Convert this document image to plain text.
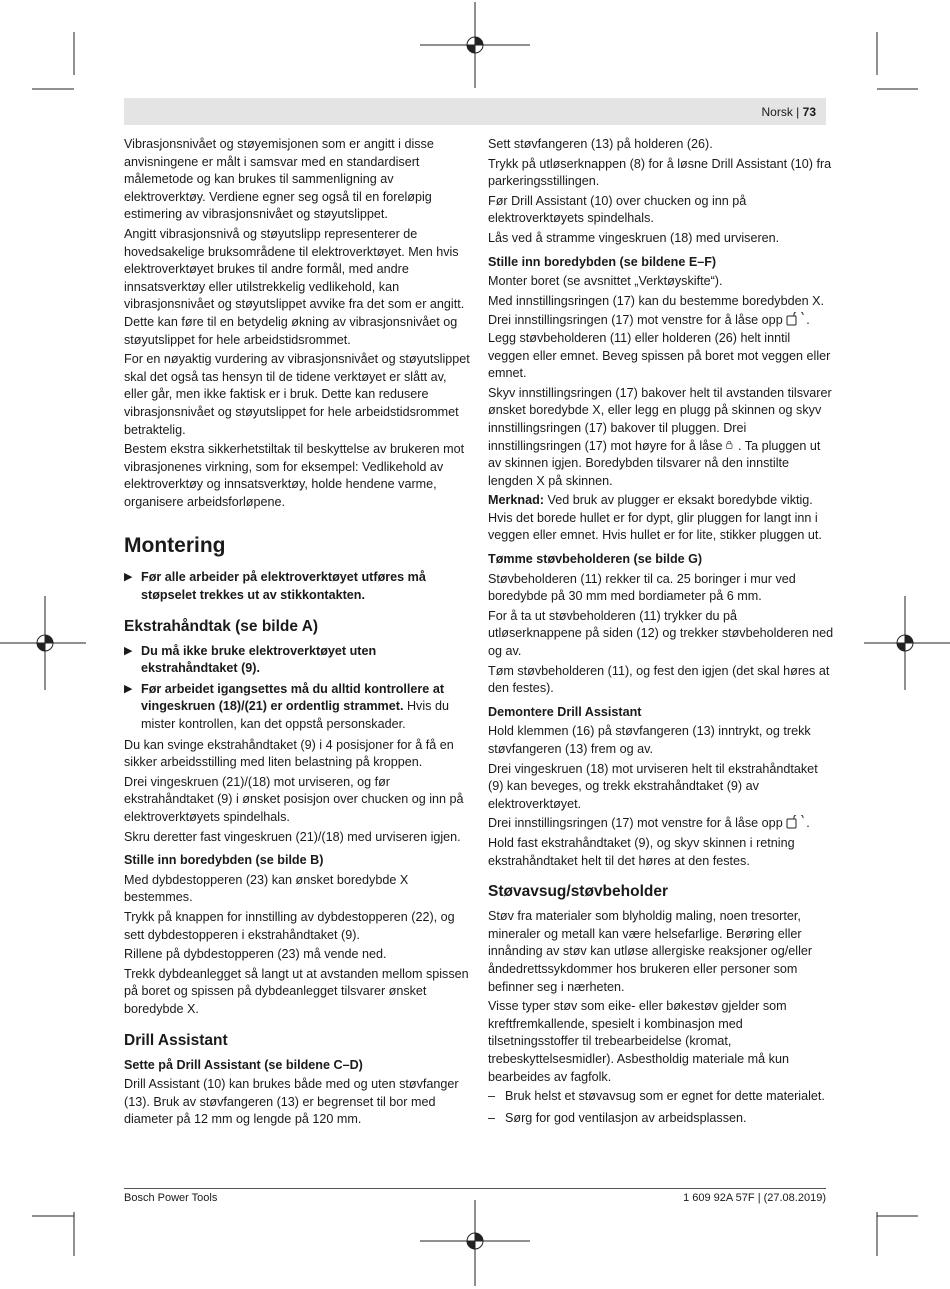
Norsk | 73

Vibrasjonsnivået og støyemisjonen som er angitt i disse anvisningene er målt i samsvar med en standardisert målemetode og kan brukes til sammenligning av elektroverktøy. Verdiene egner seg også til en foreløpig estimering av vibrasjonsnivået og støyutslippet.

Angitt vibrasjonsnivå og støyutslipp representerer de hovedsakelige bruksområdene til elektroverktøyet. Men hvis elektroverktøyet brukes til andre formål, med andre innsatsverktøy eller utilstrekkelig vedlikehold, kan vibrasjonsnivået og støyutslippet avvike fra det som er angitt. Dette kan føre til en betydelig økning av vibrasjonsnivået og støyutslippet for hele arbeidstidsrommet.

For en nøyaktig vurdering av vibrasjonsnivået og støyutslippet skal det også tas hensyn til de tidene verktøyet er slått av, eller går, men ikke faktisk er i bruk. Dette kan redusere vibrasjonsnivået og støyutslippet for hele arbeidstidsrommet betraktelig.

Bestem ekstra sikkerhetstiltak til beskyttelse av brukeren mot vibrasjonenes virkning, som for eksempel: Vedlikehold av elektroverktøy og innsatsverktøy, holde hendene varme, organisere arbeidsforløpene.

Montering
▶ Før alle arbeider på elektroverktøyet utføres må støpselet trekkes ut av stikkontakten.
Ekstrahåndtak (se bilde A)
▶ Du må ikke bruke elektroverktøyet uten ekstrahåndtaket (9).
▶ Før arbeidet igangsettes må du alltid kontrollere at vingeskruen (18)/(21) er ordentlig strammet. Hvis du mister kontrollen, kan det oppstå personskader.

Du kan svinge ekstrahåndtaket (9) i 4 posisjoner for å få en sikker arbeidsstilling med liten belastning på kroppen.

Drei vingeskruen (21)/(18) mot urviseren, og før ekstrahåndtaket (9) i ønsket posisjon over chucken og inn på elektroverktøyets spindelhals.

Skru deretter fast vingeskruen (21)/(18) med urviseren igjen.

Stille inn boredybden (se bilde B)

Med dybdestopperen (23) kan ønsket boredybde X bestemmes.

Trykk på knappen for innstilling av dybdestopperen (22), og sett dybdestopperen i ekstrahåndtaket (9).

Rillene på dybdestopperen (23) må vende ned.

Trekk dybdeanlegget så langt ut at avstanden mellom spissen på boret og spissen på dybdeanlegget tilsvarer ønsket boredybde X.

Drill Assistant
Sette på Drill Assistant (se bildene C–D)

Drill Assistant (10) kan brukes både med og uten støvfanger (13). Bruk av støvfangeren (13) er begrenset til bor med diameter på 12 mm og lengde på 120 mm.

Sett støvfangeren (13) på holderen (26).

Trykk på utløserknappen (8) for å løsne Drill Assistant (10) fra parkeringsstillingen.

Før Drill Assistant (10) over chucken og inn på elektroverktøyets spindelhals.

Lås ved å stramme vingeskruen (18) med urviseren.

Stille inn boredybden (se bildene E–F)

Monter boret (se avsnittet „Verktøyskifte“).

Med innstillingsringen (17) kan du bestemme boredybden X.

Drei innstillingsringen (17) mot venstre for å låse opp . Legg støvbeholderen (11) eller holderen (26) helt inntil veggen eller emnet. Beveg spissen på boret mot veggen eller emnet.

Skyv innstillingsringen (17) bakover helt til avstanden tilsvarer ønsket boredybde X, eller legg en plugg på skinnen og skyv innstillingsringen (17) bakover til pluggen. Drei innstillingsringen (17) mot høyre for å låse . Ta pluggen ut av skinnen igjen. Boredybden tilsvarer nå den innstilte lengden X på skinnen.

Merknad: Ved bruk av plugger er eksakt boredybde viktig. Hvis det borede hullet er for dypt, glir pluggen for langt inn i veggen eller emnet. Hvis hullet er for lite, stikker pluggen ut.

Tømme støvbeholderen (se bilde G)

Støvbeholderen (11) rekker til ca. 25 boringer i mur ved boredybde på 30 mm med bordiameter på 6 mm.

For å ta ut støvbeholderen (11) trykker du på utløserknappene på siden (12) og trekker støvbeholderen ned og av.

Tøm støvbeholderen (11), og fest den igjen (det skal høres at den festes).

Demontere Drill Assistant

Hold klemmen (16) på støvfangeren (13) inntrykt, og trekk støvfangeren (13) frem og av.

Drei vingeskruen (18) mot urviseren helt til ekstrahåndtaket (9) kan beveges, og trekk ekstrahåndtaket (9) av elektroverktøyet.

Drei innstillingsringen (17) mot venstre for å låse opp .

Hold fast ekstrahåndtaket (9), og skyv skinnen i retning ekstrahåndtaket helt til det høres at den festes.

Støvavsug/støvbeholder

Støv fra materialer som blyholdig maling, noen tresorter, mineraler og metall kan være helsefarlige. Berøring eller innånding av støv kan utløse allergiske reaksjoner og/eller åndedrettssykdommer hos brukeren eller personer som befinner seg i nærheten.

Visse typer støv som eike- eller bøkestøv gjelder som kreftfremkallende, spesielt i kombinasjon med tilsetningsstoffer til trebearbeidelse (kromat, trebeskyttelsesmidler). Asbestholdig materiale må kun bearbeides av fagfolk.

– Bruk helst et støvavsug som er egnet for dette materialet.
– Sørg for god ventilasjon av arbeidsplassen.
Bosch Power Tools	1 609 92A 57F | (27.08.2019)
